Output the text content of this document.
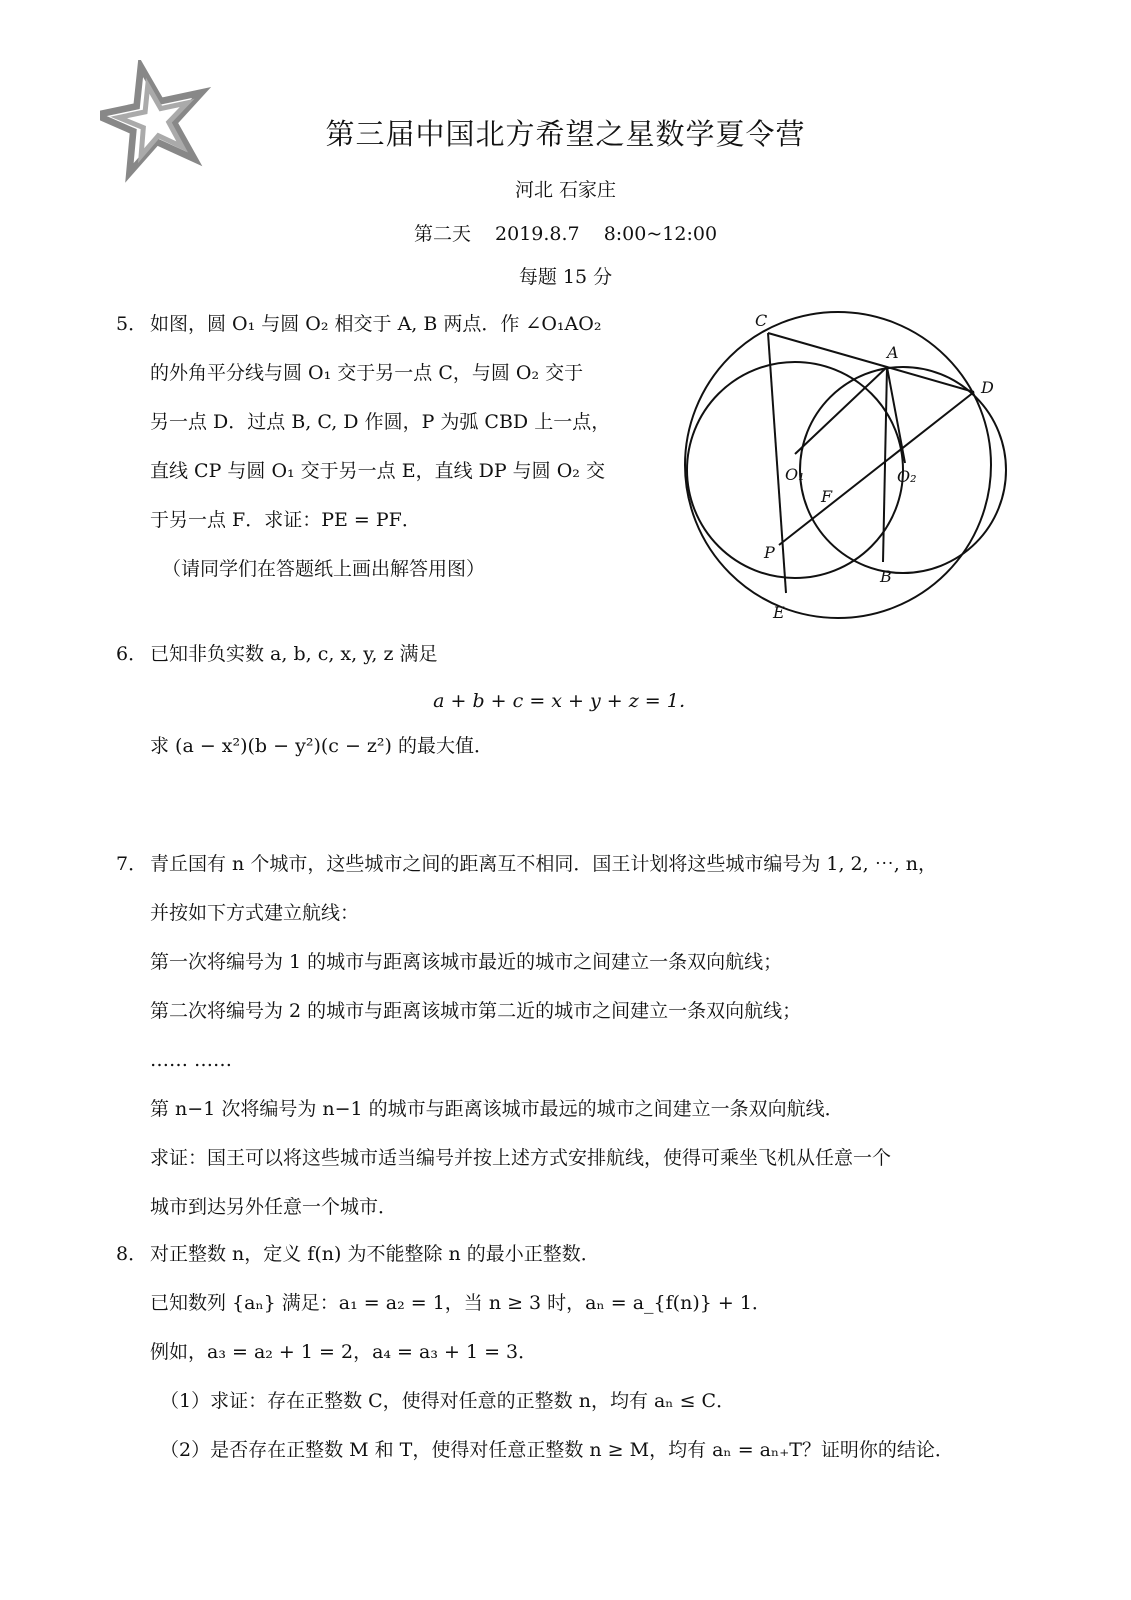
第三届中国北方希望之星数学夏令营
河北 石家庄
第二天 2019.8.7 8:00~12:00
每题 15 分
5． 如图，圆 O₁ 与圆 O₂ 相交于 A, B 两点．作 ∠O₁AO₂
的外角平分线与圆 O₁ 交于另一点 C，与圆 O₂ 交于
另一点 D．过点 B, C, D 作圆，P 为弧 CBD 上一点，
直线 CP 与圆 O₁ 交于另一点 E，直线 DP 与圆 O₂ 交
于另一点 F．求证：PE = PF．
（请同学们在答题纸上画出解答用图）
C
A
D
O₁	O₂
F
P
B
E
6． 已知非负实数 a, b, c, x, y, z 满足
a + b + c = x + y + z = 1．
求 (a − x²)(b − y²)(c − z²) 的最大值．
7． 青丘国有 n 个城市，这些城市之间的距离互不相同．国王计划将这些城市编号为 1, 2, ⋯, n，
并按如下方式建立航线：
第一次将编号为 1 的城市与距离该城市最近的城市之间建立一条双向航线；
第二次将编号为 2 的城市与距离该城市第二近的城市之间建立一条双向航线；
…… ……
第 n−1 次将编号为 n−1 的城市与距离该城市最远的城市之间建立一条双向航线．
求证：国王可以将这些城市适当编号并按上述方式安排航线，使得可乘坐飞机从任意一个
城市到达另外任意一个城市．
8． 对正整数 n，定义 f(n) 为不能整除 n 的最小正整数．
已知数列 {aₙ} 满足：a₁ = a₂ = 1，当 n ≥ 3 时，aₙ = a_{f(n)} + 1．
例如，a₃ = a₂ + 1 = 2，a₄ = a₃ + 1 = 3．
（1）求证：存在正整数 C，使得对任意的正整数 n，均有 aₙ ≤ C．
（2）是否存在正整数 M 和 T，使得对任意正整数 n ≥ M，均有 aₙ = aₙ₊T？证明你的结论．
